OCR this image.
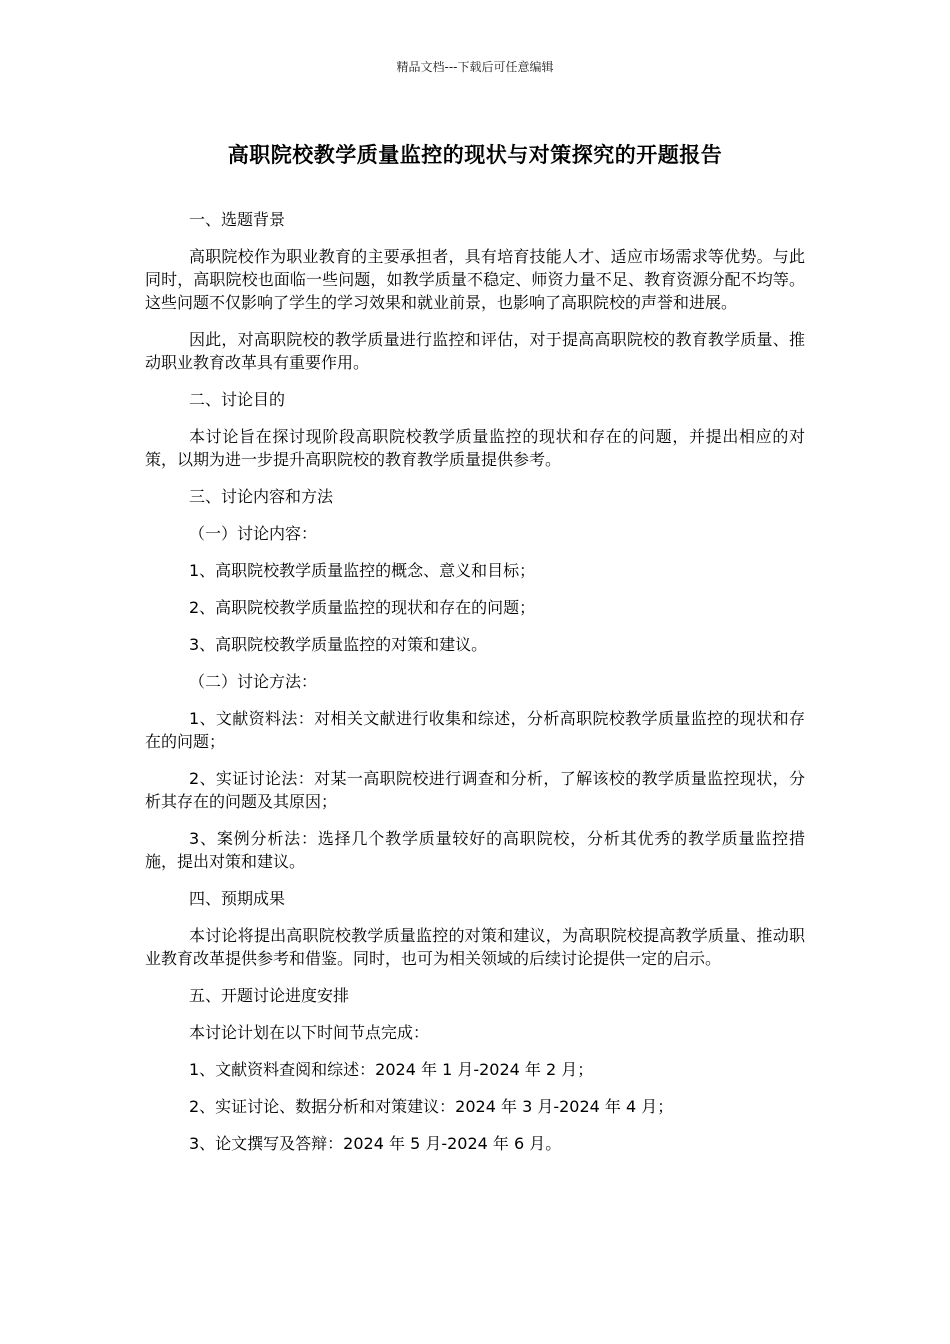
精品文档---下载后可任意编辑
高职院校教学质量监控的现状与对策探究的开题报告

一、选题背景

高职院校作为职业教育的主要承担者，具有培育技能人才、适应市场需求等优势。与此同时，高职院校也面临一些问题，如教学质量不稳定、师资力量不足、教育资源分配不均等。这些问题不仅影响了学生的学习效果和就业前景，也影响了高职院校的声誉和进展。

因此，对高职院校的教学质量进行监控和评估，对于提高高职院校的教育教学质量、推动职业教育改革具有重要作用。

二、讨论目的

本讨论旨在探讨现阶段高职院校教学质量监控的现状和存在的问题，并提出相应的对策，以期为进一步提升高职院校的教育教学质量提供参考。

三、讨论内容和方法

（一）讨论内容：

1、高职院校教学质量监控的概念、意义和目标；

2、高职院校教学质量监控的现状和存在的问题；

3、高职院校教学质量监控的对策和建议。

（二）讨论方法：

1、文献资料法：对相关文献进行收集和综述，分析高职院校教学质量监控的现状和存在的问题；

2、实证讨论法：对某一高职院校进行调查和分析，了解该校的教学质量监控现状，分析其存在的问题及其原因；

3、案例分析法：选择几个教学质量较好的高职院校，分析其优秀的教学质量监控措施，提出对策和建议。

四、预期成果

本讨论将提出高职院校教学质量监控的对策和建议，为高职院校提高教学质量、推动职业教育改革提供参考和借鉴。同时，也可为相关领域的后续讨论提供一定的启示。

五、开题讨论进度安排

本讨论计划在以下时间节点完成：

1、文献资料查阅和综述：2024 年 1 月-2024 年 2 月；

2、实证讨论、数据分析和对策建议：2024 年 3 月-2024 年 4 月；

3、论文撰写及答辩：2024 年 5 月-2024 年 6 月。
